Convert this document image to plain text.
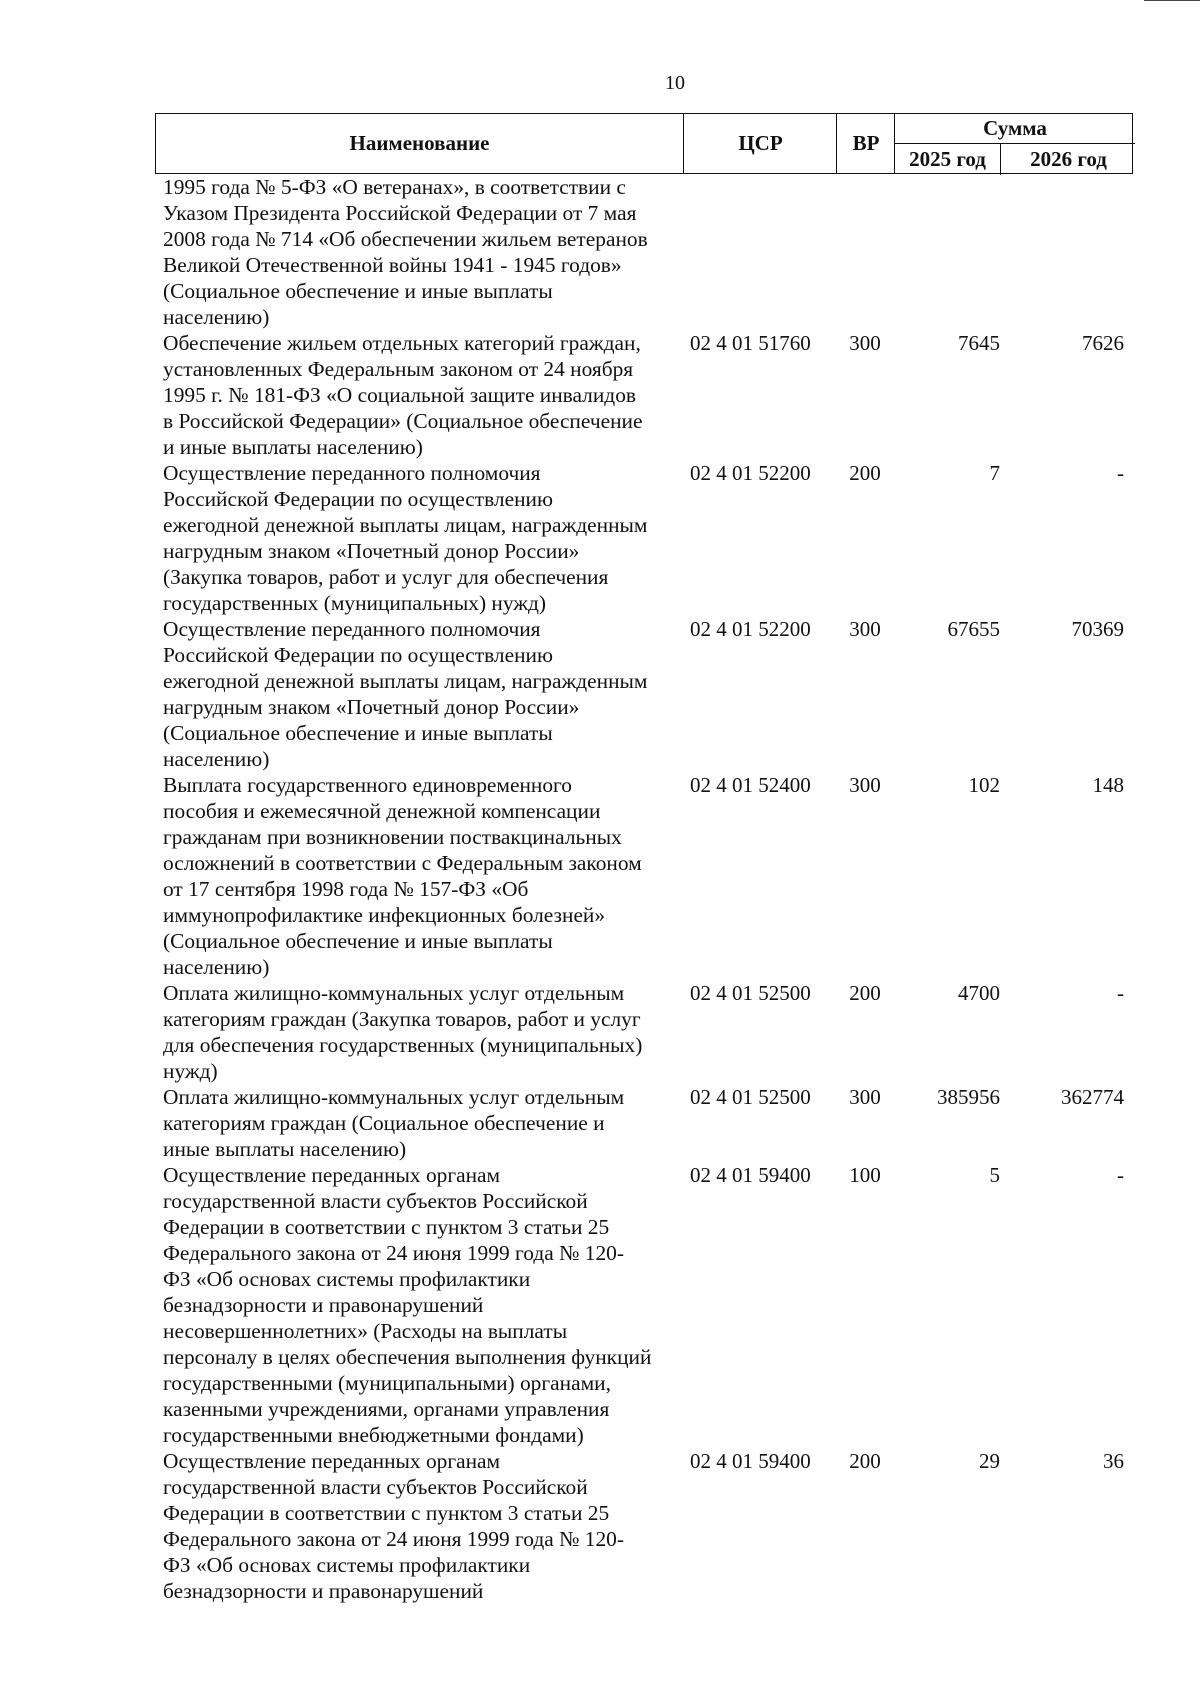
10
Наименование	ЦСР	ВР
Сумма
2025 год	2026 год
1995 года № 5-ФЗ «О ветеранах», в соответствии с
Указом Президента Российской Федерации от 7 мая
2008 года № 714 «Об обеспечении жильем ветеранов
Великой Отечественной войны 1941 - 1945 годов»
(Социальное обеспечение и иные выплаты
населению)
Обеспечение жильем отдельных категорий граждан,
установленных Федеральным законом от 24 ноября
1995 г. № 181-ФЗ «О социальной защите инвалидов
в Российской Федерации» (Социальное обеспечение
и иные выплаты населению)
02 4 01 51760	300	7645	7626
Осуществление переданного полномочия
Российской Федерации по осуществлению
ежегодной денежной выплаты лицам, награжденным
нагрудным знаком «Почетный донор России»
(Закупка товаров, работ и услуг для обеспечения
государственных (муниципальных) нужд)
02 4 01 52200	200	7	-
Осуществление переданного полномочия
Российской Федерации по осуществлению
ежегодной денежной выплаты лицам, награжденным
нагрудным знаком «Почетный донор России»
(Социальное обеспечение и иные выплаты
населению)
02 4 01 52200	300	67655	70369
Выплата государственного единовременного
пособия и ежемесячной денежной компенсации
гражданам при возникновении поствакцинальных
осложнений в соответствии с Федеральным законом
от 17 сентября 1998 года № 157-ФЗ «Об
иммунопрофилактике инфекционных болезней»
(Социальное обеспечение и иные выплаты
населению)
02 4 01 52400	300	102	148
Оплата жилищно-коммунальных услуг отдельным
категориям граждан (Закупка товаров, работ и услуг
для обеспечения государственных (муниципальных)
нужд)
02 4 01 52500	200	4700	-
Оплата жилищно-коммунальных услуг отдельным
категориям граждан (Социальное обеспечение и
иные выплаты населению)
02 4 01 52500	300	385956	362774
Осуществление переданных органам
государственной власти субъектов Российской
Федерации в соответствии с пунктом 3 статьи 25
Федерального закона от 24 июня 1999 года № 120-
ФЗ «Об основах системы профилактики
безнадзорности и правонарушений
несовершеннолетних» (Расходы на выплаты
персоналу в целях обеспечения выполнения функций
государственными (муниципальными) органами,
казенными учреждениями, органами управления
государственными внебюджетными фондами)
02 4 01 59400	100	5	-
Осуществление переданных органам
государственной власти субъектов Российской
Федерации в соответствии с пунктом 3 статьи 25
Федерального закона от 24 июня 1999 года № 120-
ФЗ «Об основах системы профилактики
безнадзорности и правонарушений
02 4 01 59400	200	29	36
